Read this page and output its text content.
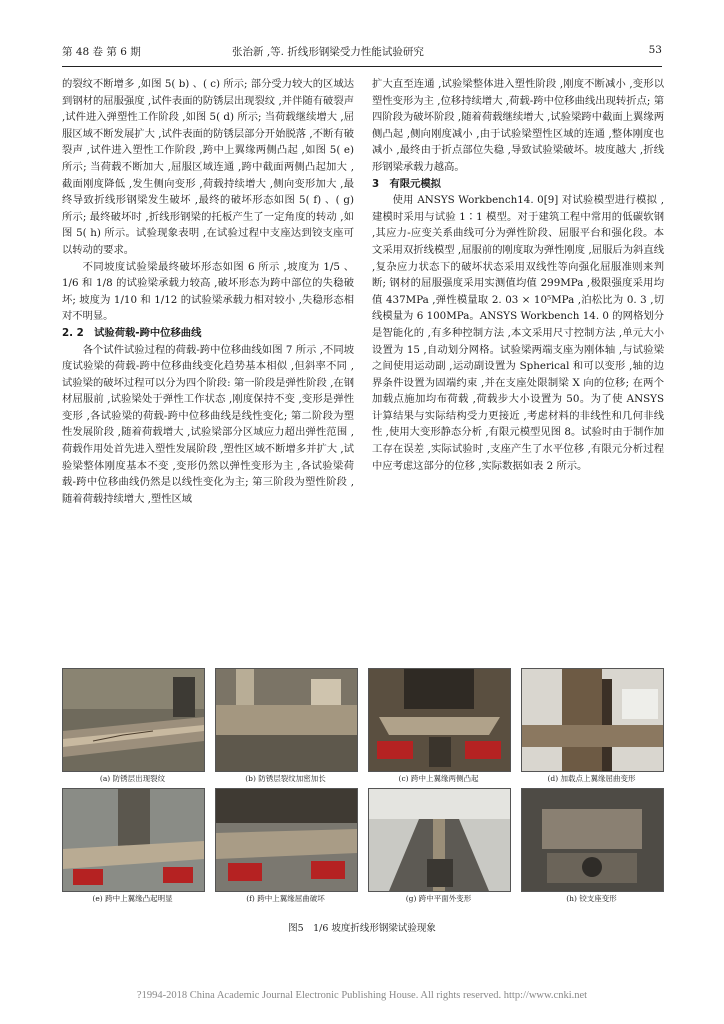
第 48 卷 第 6 期	张治新 ,等. 折线形钢梁受力性能试验研究	53

的裂纹不断增多 ,如图 5( b) 、( c) 所示; 部分受力较大的区域达到钢材的屈服强度 ,试件表面的防锈层出现裂纹 ,并伴随有破裂声 ,试件进入弹塑性工作阶段 ,如图 5( d) 所示; 当荷载继续增大 ,屈服区域不断发展扩大 ,试件表面的防锈层部分开始脱落 ,不断有破裂声 ,试件进入塑性工作阶段 ,跨中上翼缘两侧凸起 ,如图 5( e) 所示; 当荷载不断加大 ,屈服区域连通 ,跨中截面两侧凸起加大 ,截面刚度降低 ,发生侧向变形 ,荷载持续增大 ,侧向变形加大 ,最终导致折线形钢梁发生破坏 ,最终的破坏形态如图 5( f) 、( g) 所示; 最终破坏时 ,折线形钢梁的托板产生了一定角度的转动 ,如图 5( h) 所示。试验现象表明 ,在试验过程中支座达到铰支座可以转动的要求。

不同坡度试验梁最终破坏形态如图 6 所示 ,坡度为 1/5 、1/6 和 1/8 的试验梁承载力较高 ,破坏形态为跨中部位的失稳破坏; 坡度为 1/10 和 1/12 的试验梁承载力相对较小 ,失稳形态相对不明显。

2. 2　试验荷载-跨中位移曲线

各个试件试验过程的荷载-跨中位移曲线如图 7 所示 ,不同坡度试验梁的荷载-跨中位移曲线变化趋势基本相似 ,但斜率不同 ,试验梁的破坏过程可以分为四个阶段: 第一阶段是弹性阶段 ,在钢材屈服前 ,试验梁处于弹性工作状态 ,刚度保持不变 ,变形是弹性变形 ,各试验梁的荷载-跨中位移曲线是线性变化; 第二阶段为塑性发展阶段 ,随着荷载增大 ,试验梁部分区域应力超出弹性范围 ,荷载作用处首先进入塑性发展阶段 ,塑性区域不断增多并扩大 ,试验梁整体刚度基本不变 ,变形仍然以弹性变形为主 ,各试验梁荷载-跨中位移曲线仍然是以线性变化为主; 第三阶段为塑性阶段 ,随着荷载持续增大 ,塑性区域

扩大直至连通 ,试验梁整体进入塑性阶段 ,刚度不断减小 ,变形以塑性变形为主 ,位移持续增大 ,荷载-跨中位移曲线出现转折点; 第四阶段为破坏阶段 ,随着荷载继续增大 ,试验梁跨中截面上翼缘两侧凸起 ,侧向刚度减小 ,由于试验梁塑性区域的连通 ,整体刚度也减小 ,最终由于折点部位失稳 ,导致试验梁破坏。坡度越大 ,折线形钢梁承载力越高。

3　有限元模拟

使用 ANSYS Workbench14. 0[9] 对试验模型进行模拟 ,建模时采用与试验 1∶1 模型。对于建筑工程中常用的低碳软钢 ,其应力-应变关系曲线可分为弹性阶段、屈服平台和强化段。本文采用双折线模型 ,屈服前的刚度取为弹性刚度 ,屈服后为斜直线 ,复杂应力状态下的破坏状态采用双线性等向强化屈服准则来判断; 钢材的屈服强度采用实测值均值 299MPa ,极限强度采用均值 437MPa ,弹性模量取 2. 03 × 10⁵MPa ,泊松比为 0. 3 ,切线模量为 6 100MPa。ANSYS Workbench 14. 0 的网格划分是智能化的 ,有多种控制方法 ,本文采用尺寸控制方法 ,单元大小设置为 15 ,自动划分网格。试验梁两端支座为刚体轴 ,与试验梁之间使用运动副 ,运动副设置为 Spherical 和可以变形 ,轴的边界条件设置为固端约束 ,并在支座处限制梁 X 向的位移; 在两个加载点施加均布荷载 ,荷载步大小设置为 50。为了使 ANSYS 计算结果与实际结构受力更接近 ,考虑材料的非线性和几何非线性 ,使用大变形静态分析 ,有限元模型见图 8。试验时由于制作加工存在误差 ,实际试验时 ,支座产生了水平位移 ,有限元分析过程中应考虑这部分的位移 ,实际数据如表 2 所示。

(a) 防锈层出现裂纹	(b) 防锈层裂纹加密加长	(c) 跨中上翼缘两侧凸起	(d) 加载点上翼缘屈曲变形
(e) 跨中上翼缘凸起明显	(f) 跨中上翼缘屈曲破坏	(g) 跨中平面外变形	(h) 铰支座变形
图5　1/6 坡度折线形钢梁试验现象
?1994-2018 China Academic Journal Electronic Publishing House. All rights reserved. http://www.cnki.net
